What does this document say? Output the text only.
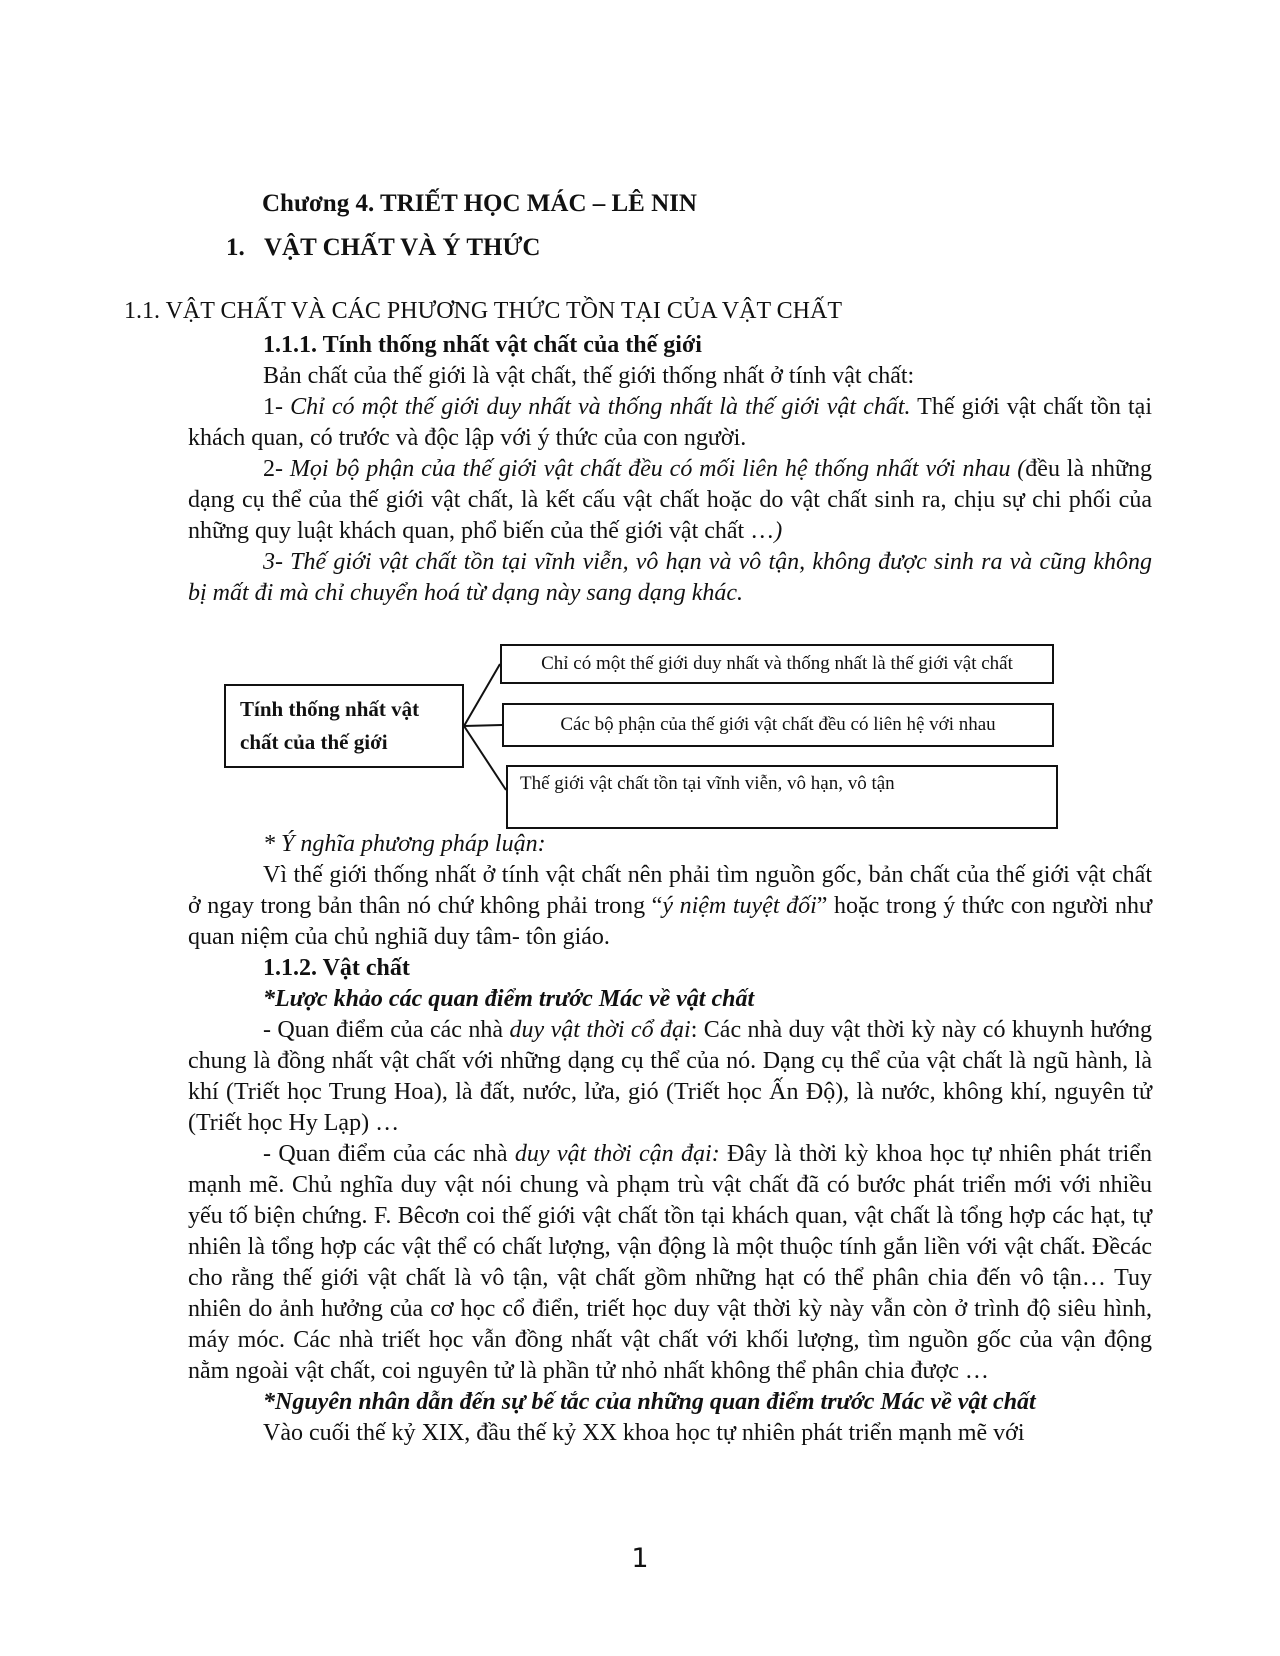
Chương 4. TRIẾT HỌC MÁC – LÊ NIN
1. VẬT CHẤT VÀ Ý THỨC
1.1. VẬT CHẤT VÀ CÁC PHƯƠNG THỨC TỒN TẠI CỦA VẬT CHẤT

1.1.1. Tính thống nhất vật chất của thế giới

Bản chất của thế giới là vật chất, thế giới thống nhất ở tính vật chất:

1- Chỉ có một thế giới duy nhất và thống nhất là thế giới vật chất. Thế giới vật chất tồn tại khách quan, có trước và độc lập với ý thức của con người.

2- Mọi bộ phận của thế giới vật chất đều có mối liên hệ thống nhất với nhau (đều là những dạng cụ thể của thế giới vật chất, là kết cấu vật chất hoặc do vật chất sinh ra, chịu sự chi phối của những quy luật khách quan, phổ biến của thế giới vật chất …)

3- Thế giới vật chất tồn tại vĩnh viễn, vô hạn và vô tận, không được sinh ra và cũng không bị mất đi mà chỉ chuyển hoá từ dạng này sang dạng khác.

Tính thống nhất vật chất của thế giới
Chỉ có một thế giới duy nhất và thống nhất là thế giới vật chất
Các bộ phận của thế giới vật chất đều có liên hệ với nhau
Thế giới vật chất tồn tại vĩnh viễn, vô hạn, vô tận

* Ý nghĩa phương pháp luận:

Vì thế giới thống nhất ở tính vật chất nên phải tìm nguồn gốc, bản chất của thế giới vật chất ở ngay trong bản thân nó chứ không phải trong “ý niệm tuyệt đối” hoặc trong ý thức con người như quan niệm của chủ nghiã duy tâm- tôn giáo.

1.1.2. Vật chất

*Lược khảo các quan điểm trước Mác về vật chất

- Quan điểm của các nhà duy vật thời cổ đại: Các nhà duy vật thời kỳ này có khuynh hướng chung là đồng nhất vật chất với những dạng cụ thể của nó. Dạng cụ thể của vật chất là ngũ hành, là khí (Triết học Trung Hoa), là đất, nước, lửa, gió (Triết học Ấn Độ), là nước, không khí, nguyên tử (Triết học Hy Lạp) …

- Quan điểm của các nhà duy vật thời cận đại: Đây là thời kỳ khoa học tự nhiên phát triển mạnh mẽ. Chủ nghĩa duy vật nói chung và phạm trù vật chất đã có bước phát triển mới với nhiều yếu tố biện chứng. F. Bêcơn coi thế giới vật chất tồn tại khách quan, vật chất là tổng hợp các hạt, tự nhiên là tổng hợp các vật thể có chất lượng, vận động là một thuộc tính gắn liền với vật chất. Đềcác cho rằng thế giới vật chất là vô tận, vật chất gồm những hạt có thể phân chia đến vô tận… Tuy nhiên do ảnh hưởng của cơ học cổ điển, triết học duy vật thời kỳ này vẫn còn ở trình độ siêu hình, máy móc. Các nhà triết học vẫn đồng nhất vật chất với khối lượng, tìm nguồn gốc của vận động nằm ngoài vật chất, coi nguyên tử là phần tử nhỏ nhất không thể phân chia được …

*Nguyên nhân dẫn đến sự bế tắc của những quan điểm trước Mác về vật chất

Vào cuối thế kỷ XIX, đầu thế kỷ XX khoa học tự nhiên phát triển mạnh mẽ với

1
